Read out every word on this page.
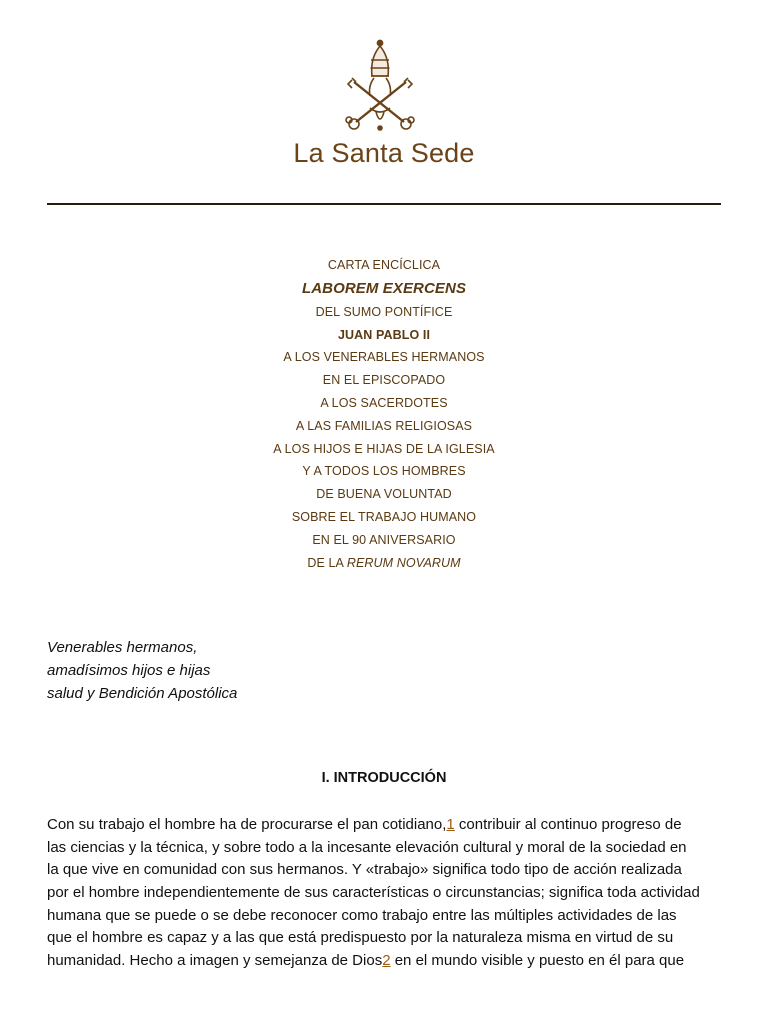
La Santa Sede
CARTA ENCÍCLICA
LABOREM EXERCENS
DEL SUMO PONTÍFICE
JUAN PABLO II
A LOS VENERABLES HERMANOS
EN EL EPISCOPADO
A LOS SACERDOTES
A LAS FAMILIAS RELIGIOSAS
A LOS HIJOS E HIJAS DE LA IGLESIA
Y A TODOS LOS HOMBRES
DE BUENA VOLUNTAD
SOBRE EL TRABAJO HUMANO
EN EL 90 ANIVERSARIO
DE LA RERUM NOVARUM
Venerables hermanos,
amadísimos hijos e hijas
salud y Bendición Apostólica
I. INTRODUCCIÓN
Con su trabajo el hombre ha de procurarse el pan cotidiano,1 contribuir al continuo progreso de
las ciencias y la técnica, y sobre todo a la incesante elevación cultural y moral de la sociedad en
la que vive en comunidad con sus hermanos. Y «trabajo» significa todo tipo de acción realizada
por el hombre independientemente de sus características o circunstancias; significa toda actividad
humana que se puede o se debe reconocer como trabajo entre las múltiples actividades de las
que el hombre es capaz y a las que está predispuesto por la naturaleza misma en virtud de su
humanidad. Hecho a imagen y semejanza de Dios2 en el mundo visible y puesto en él para que
